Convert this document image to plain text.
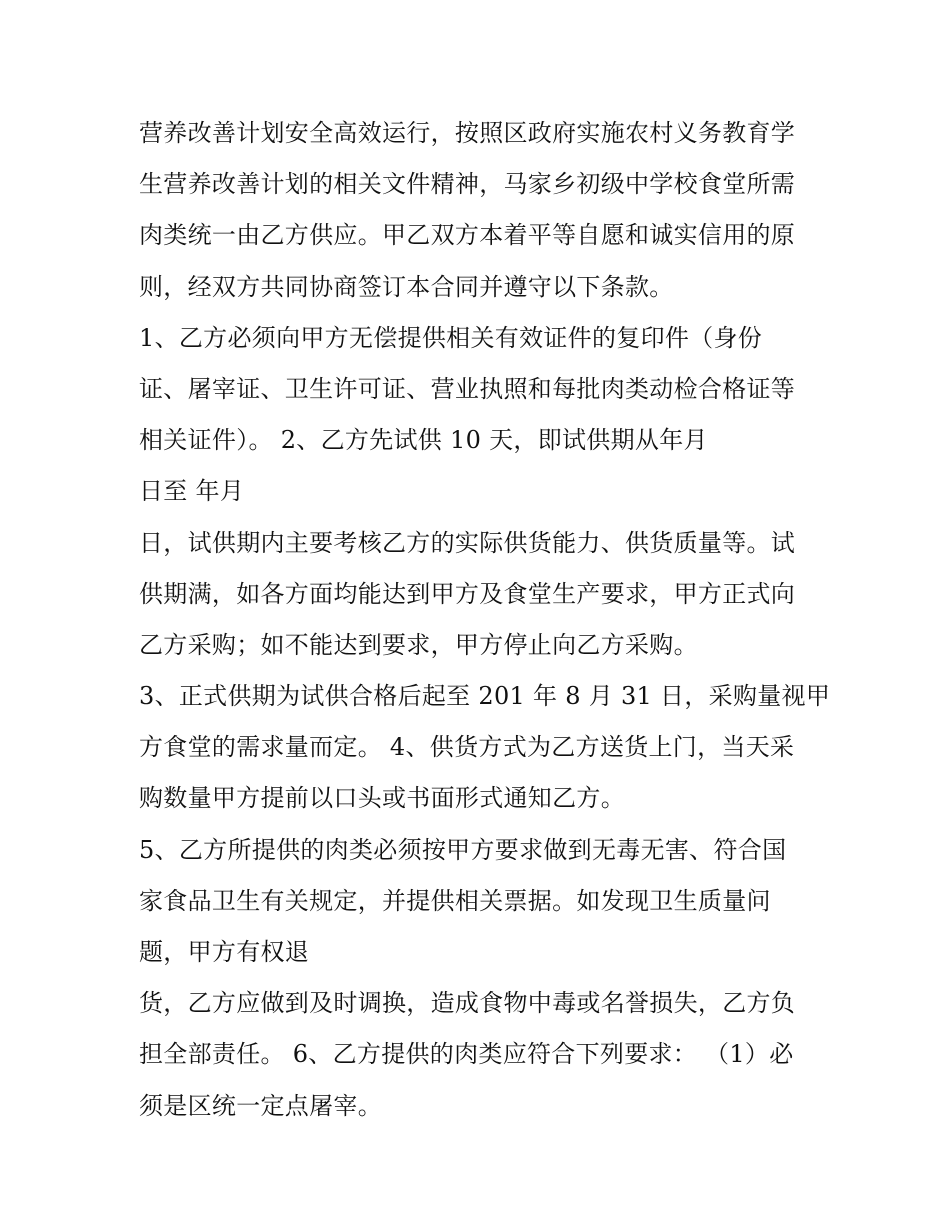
营养改善计划安全高效运行，按照区政府实施农村义务教育学
生营养改善计划的相关文件精神，马家乡初级中学校食堂所需
肉类统一由乙方供应。甲乙双方本着平等自愿和诚实信用的原
则，经双方共同协商签订本合同并遵守以下条款。
1、乙方必须向甲方无偿提供相关有效证件的复印件（身份
证、屠宰证、卫生许可证、营业执照和每批肉类动检合格证等
相关证件）。 2、乙方先试供 10 天，即试供期从年月
日至 年月
日，试供期内主要考核乙方的实际供货能力、供货质量等。试
供期满，如各方面均能达到甲方及食堂生产要求，甲方正式向
乙方采购；如不能达到要求，甲方停止向乙方采购。
3、正式供期为试供合格后起至 201 年 8 月 31 日，采购量视甲
方食堂的需求量而定。 4、供货方式为乙方送货上门，当天采
购数量甲方提前以口头或书面形式通知乙方。
5、乙方所提供的肉类必须按甲方要求做到无毒无害、符合国
家食品卫生有关规定，并提供相关票据。如发现卫生质量问
题，甲方有权退
货，乙方应做到及时调换，造成食物中毒或名誉损失，乙方负
担全部责任。 6、乙方提供的肉类应符合下列要求： （1）必
须是区统一定点屠宰。
